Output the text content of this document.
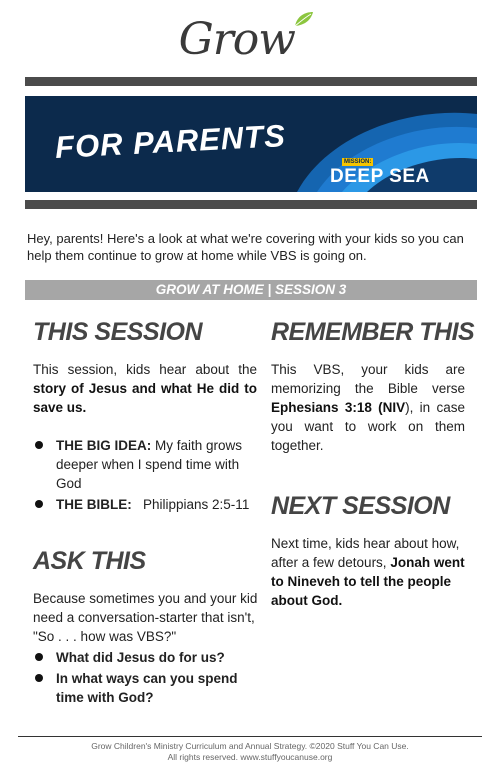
Grow
FOR PARENTS	MISSION:
DEEP SEA
Hey, parents! Here's a look at what we're covering with your kids so you can help them continue to grow at home while VBS is going on.
GROW AT HOME | SESSION 3
THIS SESSION
This session, kids hear about the story of Jesus and what He did to save us.
THE BIG IDEA: My faith grows deeper when I spend time with God
THE BIBLE:   Philippians 2:5-11
ASK THIS
Because sometimes you and your kid need a conversation-starter that isn't, "So . . . how was VBS?"
What did Jesus do for us?
In what ways can you spend time with God?
REMEMBER THIS
This VBS, your kids are memorizing the Bible verse Ephesians 3:18 (NIV), in case you want to work on them together.
NEXT SESSION
Next time, kids hear about how, after a few detours, Jonah went to Nineveh to tell the people about God.
Grow Children's Ministry Curriculum and Annual Strategy. ©2020 Stuff You Can Use.
All rights reserved. www.stuffyoucanuse.org
